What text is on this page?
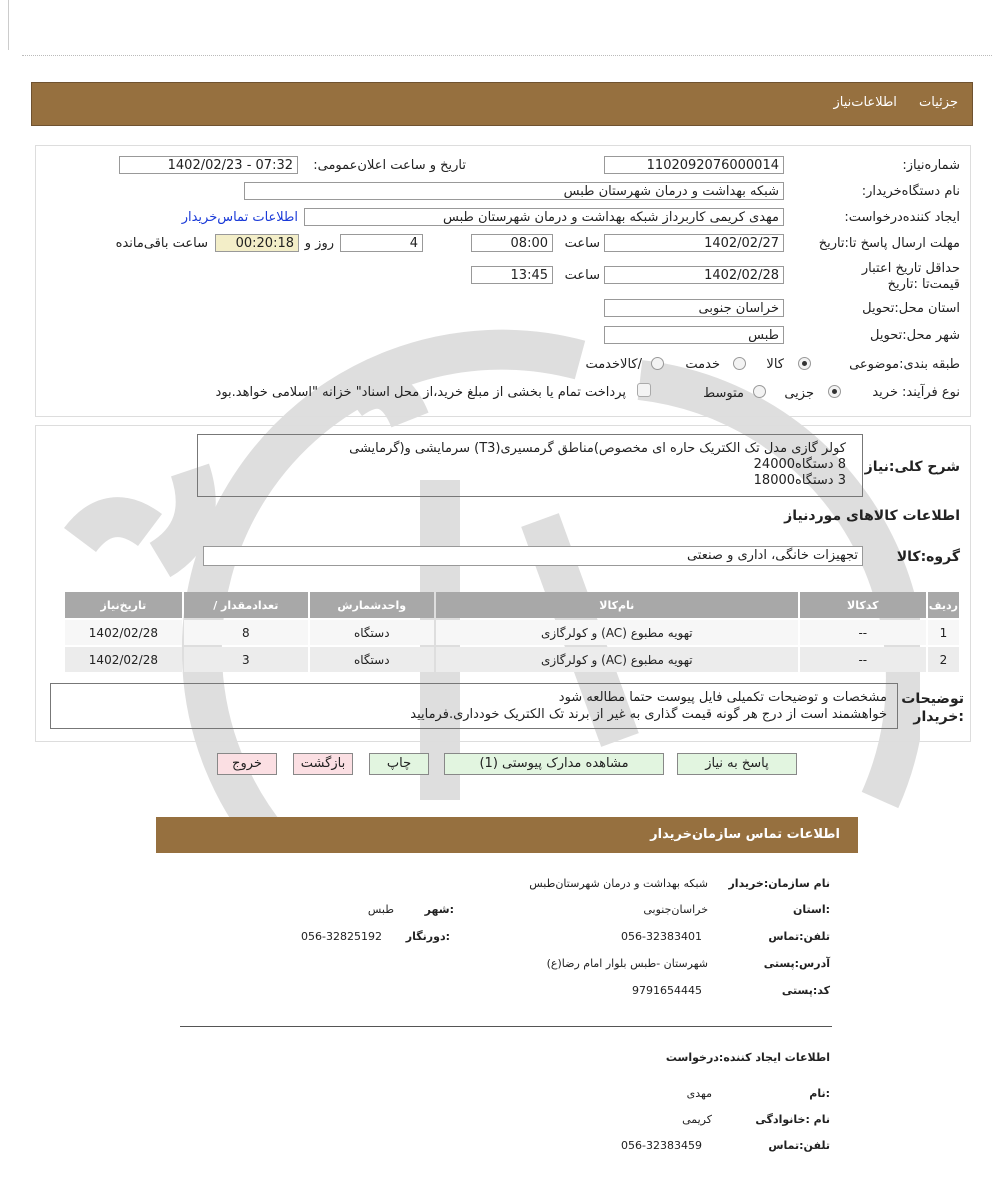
جزئیات اطلاعات‌نیاز
شماره‌نیاز:
1102092076000014
تاریخ و ساعت اعلان‌عمومی:
1402/02/23 - 07:32
نام دستگاه‌خریدار:
شبکه بهداشت و درمان شهرستان طبس
ایجاد کننده‌درخواست:
مهدی کریمی کاربرداز شبکه بهداشت و درمان شهرستان طبس
اطلاعات تماس‌خریدار
مهلت ارسال پاسخ تا:تاریخ
1402/02/27
ساعت
08:00
4
روز و
00:20:18
ساعت باقی‌مانده
حداقل تاریخ اعتبار قیمت‌تا :تاریخ
1402/02/28
ساعت
13:45
استان محل:تحویل
خراسان جنوبی
شهر محل:تحویل
طبس
طبقه بندی:موضوعی
کالا
خدمت
/کالاخدمت
نوع فرآیند:
خرید
جزیی
متوسط
پرداخت تمام یا بخشی از مبلغ خرید،از محل اسناد" خزانه "اسلامی خواهد.بود
شرح کلی:نیاز
کولر گازی مدل تک الکتریک حاره ای مخصوص)مناطق گرمسیری(T3) سرمایشی و(گرمایشی
8 دستگاه24000
3 دستگاه18000
اطلاعات کالاهای مورد‌نیاز
گروه:کالا
تجهیزات خانگی، اداری و صنعتی
ردیف	کدکالا	نام‌کالا	واحدشمارش	تعداد‌مقدار /	تاریخ‌نیاز
1	--	تهویه مطبوع (AC) و کولرگازی	دستگاه	8	1402/02/28
2	--	تهویه مطبوع (AC) و کولرگازی	دستگاه	3	1402/02/28
توضیحات
:خریدار
مشخصات و توضیحات تکمیلی فایل پیوست حتما مطالعه شود
خواهشمند است از درج هر گونه قیمت گذاری به غیر از برند تک الکتریک خودداری.فرمایید
پاسخ به نیاز
مشاهده مدارک پیوستی (1)
چاپ
بازگشت
خروج
اطلاعات تماس سازمان‌خریدار
نام سازمان:خریدار
شبکه بهداشت و درمان شهرستان‌طبس
:استان
خراسان‌جنوبی
:شهر
طبس
تلفن:تماس
056-32383401
:دورنگار
056-32825192
آدرس:پستی
شهرستان -طبس بلوار امام رضا(ع)
کد:پستی
9791654445
اطلاعات ایجاد کننده:درخواست
:نام
مهدی
نام :خانوادگی
کریمی
تلفن:تماس
056-32383459
